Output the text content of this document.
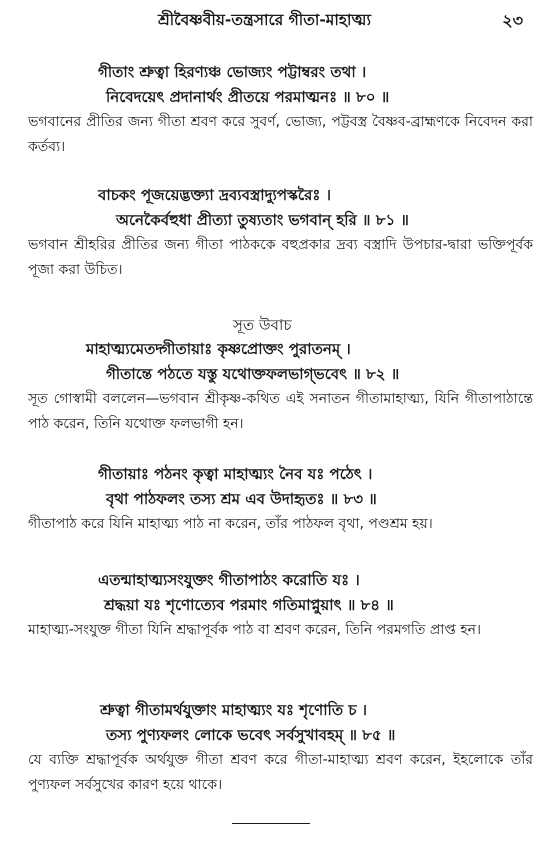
শ্রীবৈষ্ণবীয়-তন্ত্রসারে গীতা-মাহাত্ম্য	২৩
গীতাং শ্রুত্বা হিরণ্যঞ্চ ভোজ্যং পট্টাম্বরং তথা ।
নিবেদয়েৎ প্রদানার্থং প্রীতয়ে পরমাত্মনঃ ॥ ৮০ ॥
ভগবানের প্রীতির জন্য গীতা শ্রবণ করে সুবর্ণ, ভোজ্য, পট্টবস্ত্র বৈষ্ণব-ব্রাহ্মণকে নিবেদন করা কর্তব্য।
বাচকং পূজয়েদ্ভক্ত্যা দ্রব্যবস্ত্রাদ্যুপস্করৈঃ ।
অনেকৈর্বহুধা প্রীত্যা তুষ্যতাং ভগবান্‌ হরি ॥ ৮১ ॥
ভগবান শ্রীহরির প্রীতির জন্য গীতা পাঠককে বহুপ্রকার দ্রব্য বস্ত্রাদি উপচার-দ্বারা ভক্তিপূর্বক পূজা করা উচিত।
সূত উবাচ
মাহাত্ম্যমেতদ্গীতায়াঃ কৃষ্ণপ্রোক্তং পুরাতনম্‌ ।
গীতান্তে পঠতে যস্তু যথোক্তফলভাগ্ভবেৎ ॥ ৮২ ॥
সূত গোস্বামী বললেন—ভগবান শ্রীকৃষ্ণ-কথিত এই সনাতন গীতামাহাত্ম্য, যিনি গীতাপাঠান্তে পাঠ করেন, তিনি যথোক্ত ফলভাগী হন।
গীতায়াঃ পঠনং কৃত্বা মাহাত্ম্যং নৈব যঃ পঠেৎ ।
বৃথা পাঠফলং তস্য শ্রম এব উদাহৃতঃ ॥ ৮৩ ॥
গীতাপাঠ করে যিনি মাহাত্ম্য পাঠ না করেন, তাঁর পাঠফল বৃথা, পণ্ডশ্রম হয়।
এতন্মাহাত্ম্যসংযুক্তং গীতাপাঠং করোতি যঃ ।
শ্রদ্ধয়া যঃ শৃণোত্যেব পরমাং গতিমাপ্নুয়াৎ ॥ ৮৪ ॥
মাহাত্ম্য-সংযুক্ত গীতা যিনি শ্রদ্ধাপূর্বক পাঠ বা শ্রবণ করেন, তিনি পরমগতি প্রাপ্ত হন।
শ্রুত্বা গীতামর্থযুক্তাং মাহাত্ম্যং যঃ শৃণোতি চ ।
তস্য পুণ্যফলং লোকে ভবেৎ সর্বসুখাবহম্‌ ॥ ৮৫ ॥
যে ব্যক্তি শ্রদ্ধাপূর্বক অর্থযুক্ত গীতা শ্রবণ করে গীতা-মাহাত্ম্য শ্রবণ করেন, ইহলোকে তাঁর পুণ্যফল সর্বসুখের কারণ হয়ে থাকে।
